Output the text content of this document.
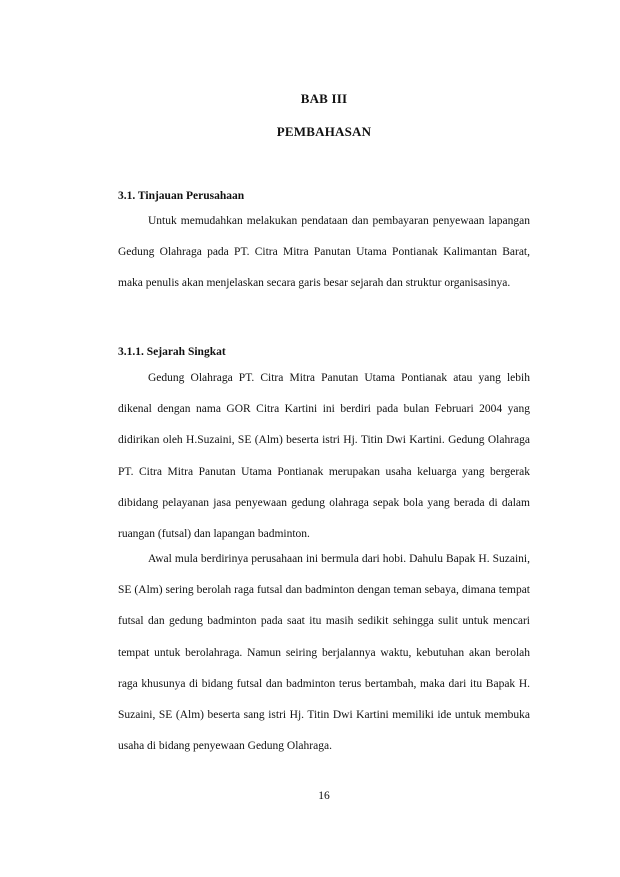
BAB III
PEMBAHASAN
3.1. Tinjauan Perusahaan

Untuk memudahkan melakukan pendataan dan pembayaran penyewaan lapangan Gedung Olahraga pada PT. Citra Mitra Panutan Utama Pontianak Kalimantan Barat, maka penulis akan menjelaskan secara garis besar sejarah dan struktur organisasinya.

3.1.1. Sejarah Singkat

Gedung Olahraga PT. Citra Mitra Panutan Utama Pontianak atau yang lebih dikenal dengan nama GOR Citra Kartini ini berdiri pada bulan Februari 2004 yang didirikan oleh H.Suzaini, SE (Alm) beserta istri Hj. Titin Dwi Kartini. Gedung Olahraga PT. Citra Mitra Panutan Utama Pontianak merupakan usaha keluarga yang bergerak dibidang pelayanan jasa penyewaan gedung olahraga sepak bola yang berada di dalam ruangan (futsal) dan lapangan badminton.

Awal mula berdirinya perusahaan ini bermula dari hobi. Dahulu Bapak H. Suzaini, SE (Alm) sering berolah raga futsal dan badminton dengan teman sebaya, dimana tempat futsal dan gedung badminton pada saat itu masih sedikit sehingga sulit untuk mencari tempat untuk berolahraga. Namun seiring berjalannya waktu, kebutuhan akan berolah raga khusunya di bidang futsal dan badminton terus bertambah, maka dari itu Bapak H. Suzaini, SE (Alm) beserta sang istri Hj. Titin Dwi Kartini memiliki ide untuk membuka usaha di bidang penyewaan Gedung Olahraga.

16
